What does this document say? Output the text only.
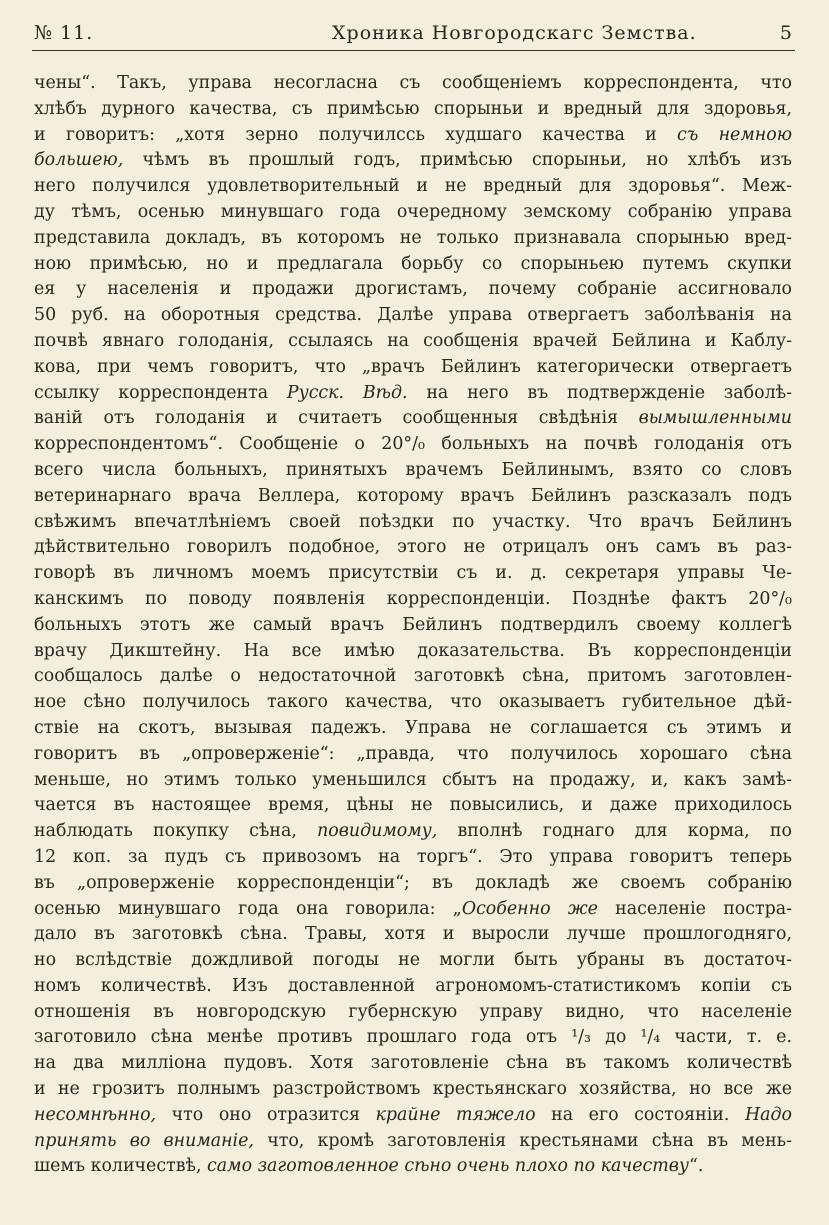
№ 11.	Хроника Новгородскагс Земства.	5
чены“. Такъ, управа несогласна съ сообщеніемъ корреспондента, что
хлѣбъ дурного качества, съ примѣсью спорыньи и вредный для здоровья,
и говоритъ: „хотя зерно получилссь худшаго качества и съ немною
большею, чѣмъ въ прошлый годъ, примѣсью спорыньи, но хлѣбъ изъ
него получился удовлетворительный и не вредный для здоровья“. Меж-
ду тѣмъ, осенью минувшаго года очередному земскому собранію управа
представила докладъ, въ которомъ не только признавала спорынью вред-
ною примѣсью, но и предлагала борьбу со спорыньею путемъ скупки
ея у населенія и продажи дрогистамъ, почему собраніе ассигновало
50 руб. на оборотныя средства. Далѣе управа отвергаетъ заболѣванія на
почвѣ явнаго голоданія, ссылаясь на сообщенія врачей Бейлина и Каблу-
кова, при чемъ говоритъ, что „врачъ Бейлинъ категорически отвергаетъ
ссылку корреспондента Русск. Вѣд. на него въ подтвержденіе заболѣ-
ваній отъ голоданія и считаетъ сообщенныя свѣдѣнія вымышленными
корреспондентомъ“. Сообщеніе о 20°/₀ больныхъ на почвѣ голоданія отъ
всего числа больныхъ, принятыхъ врачемъ Бейлинымъ, взято со словъ
ветеринарнаго врача Веллера, которому врачъ Бейлинъ разсказалъ подъ
свѣжимъ впечатлѣніемъ своей поѣздки по участку. Что врачъ Бейлинъ
дѣйствительно говорилъ подобное, этого не отрицалъ онъ самъ въ раз-
говорѣ въ личномъ моемъ присутствіи съ и. д. секретаря управы Че-
канскимъ по поводу появленія корреспонденціи. Позднѣе фактъ 20°/₀
больныхъ этотъ же самый врачъ Бейлинъ подтвердилъ своему коллегѣ
врачу Дикштейну. На все имѣю доказательства. Въ корреспонденціи
сообщалось далѣе о недостаточной заготовкѣ сѣна, притомъ заготовлен-
ное сѣно получилось такого качества, что оказываетъ губительное дѣй-
ствіе на скотъ, вызывая падежъ. Управа не соглашается съ этимъ и
говоритъ въ „опроверженіе“: „правда, что получилось хорошаго сѣна
меньше, но этимъ только уменьшился сбытъ на продажу, и, какъ замѣ-
чается въ настоящее время, цѣны не повысились, и даже приходилось
наблюдать покупку сѣна, повидимому, вполнѣ годнаго для корма, по
12 коп. за пудъ съ привозомъ на торгъ“. Это управа говоритъ теперь
въ „опроверженіе корреспонденціи“; въ докладѣ же своемъ собранію
осенью минувшаго года она говорила: „Особенно же населеніе постра-
дало въ заготовкѣ сѣна. Травы, хотя и выросли лучше прошлогодняго,
но вслѣдствіе дождливой погоды не могли быть убраны въ достаточ-
номъ количествѣ. Изъ доставленной агрономомъ-статистикомъ копіи съ
отношенія въ новгородскую губернскую управу видно, что населеніе
заготовило сѣна менѣе противъ прошлаго года отъ ¹/₃ до ¹/₄ части, т. е.
на два милліона пудовъ. Хотя заготовленіе сѣна въ такомъ количествѣ
и не грозитъ полнымъ разстройствомъ крестьянскаго хозяйства, но все же
несомнѣнно, что оно отразится крайне тяжело на его состояніи. Надо
принять во вниманіе, что, кромѣ заготовленія крестьянами сѣна въ мень-
шемъ количествѣ, само заготовленное сѣно очень плохо по качеству“.
